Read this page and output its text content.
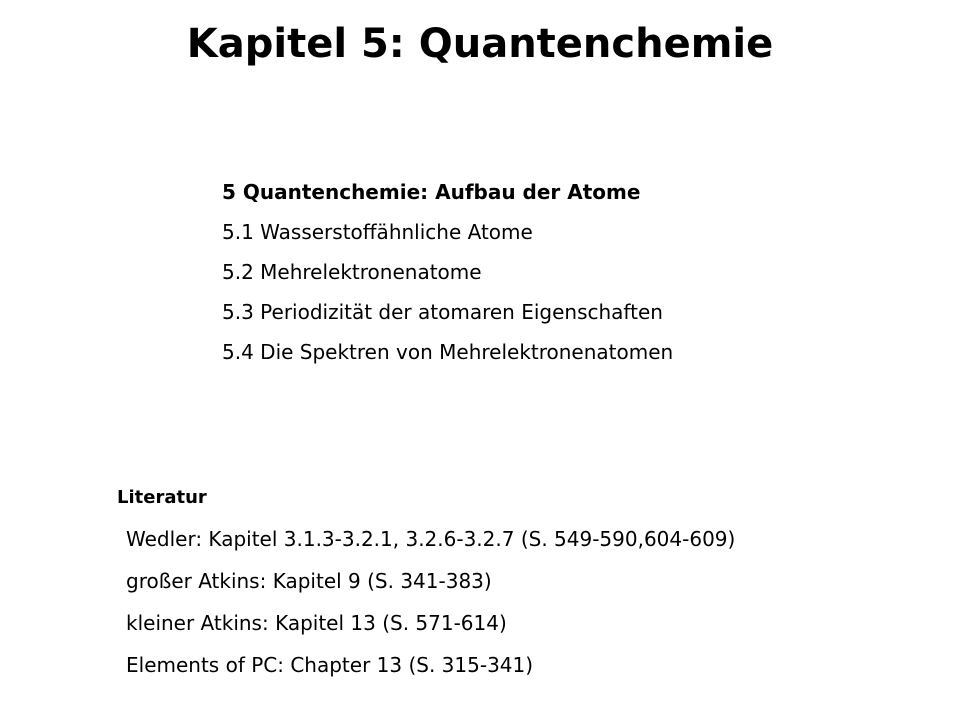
Kapitel 5: Quantenchemie
5 Quantenchemie: Aufbau der Atome
5.1 Wasserstoffähnliche Atome
5.2 Mehrelektronenatome
5.3 Periodizität der atomaren Eigenschaften
5.4 Die Spektren von Mehrelektronenatomen
Literatur
Wedler: Kapitel 3.1.3-3.2.1, 3.2.6-3.2.7 (S. 549-590,604-609)
großer Atkins: Kapitel 9 (S. 341-383)
kleiner Atkins: Kapitel 13 (S. 571-614)
Elements of PC: Chapter 13 (S. 315-341)
